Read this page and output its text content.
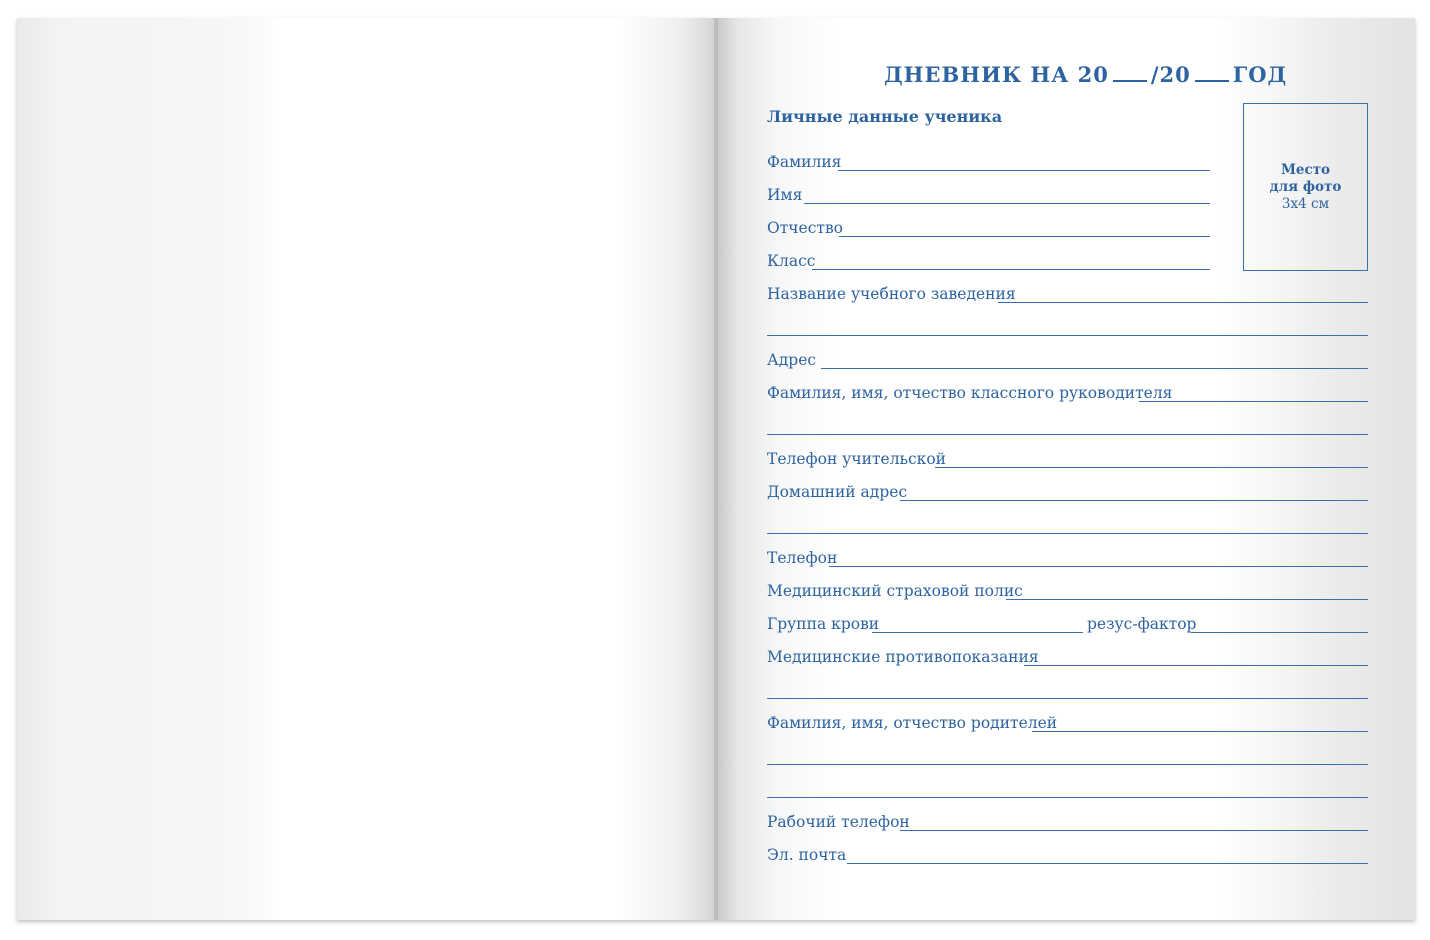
ДНЕВНИК НА 20 /20 ГОД
Личные данные ученика
Место
для фото
3х4 см
Фамилия
Имя
Отчество
Класс
Название учебного заведения
Адрес
Фамилия, имя, отчество классного руководителя
Телефон учительской
Домашний адрес
Телефон
Медицинский страховой полис
Группа крови	резус-фактор
Медицинские противопоказания
Фамилия, имя, отчество родителей
Рабочий телефон
Эл. почта
